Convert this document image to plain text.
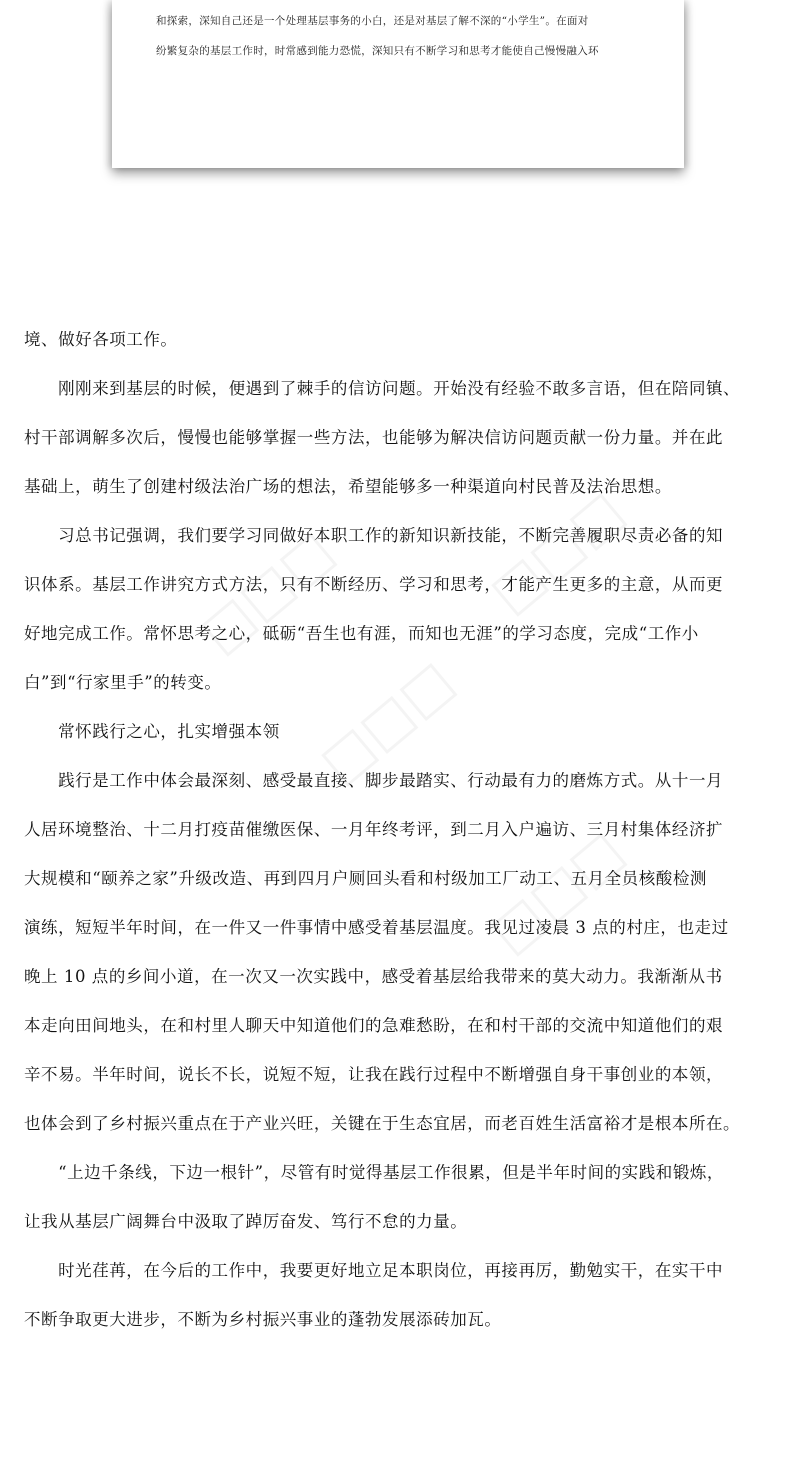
和探索，深知自己还是一个处理基层事务的小白，还是对基层了解不深的“小学生”。在面对
纷繁复杂的基层工作时，时常感到能力恐慌，深知只有不断学习和思考才能使自己慢慢融入环
境、做好各项工作。
　　刚刚来到基层的时候，便遇到了棘手的信访问题。开始没有经验不敢多言语，但在陪同镇、
村干部调解多次后，慢慢也能够掌握一些方法，也能够为解决信访问题贡献一份力量。并在此
基础上，萌生了创建村级法治广场的想法，希望能够多一种渠道向村民普及法治思想。
　　习总书记强调，我们要学习同做好本职工作的新知识新技能，不断完善履职尽责必备的知
识体系。基层工作讲究方式方法，只有不断经历、学习和思考，才能产生更多的主意，从而更
好地完成工作。常怀思考之心，砥砺“吾生也有涯，而知也无涯”的学习态度，完成“工作小
白”到“行家里手”的转变。
　　常怀践行之心，扎实增强本领
　　践行是工作中体会最深刻、感受最直接、脚步最踏实、行动最有力的磨炼方式。从十一月
人居环境整治、十二月打疫苗催缴医保、一月年终考评，到二月入户遍访、三月村集体经济扩
大规模和“颐养之家”升级改造、再到四月户厕回头看和村级加工厂动工、五月全员核酸检测
演练，短短半年时间，在一件又一件事情中感受着基层温度。我见过凌晨 3 点的村庄，也走过
晚上 10 点的乡间小道，在一次又一次实践中，感受着基层给我带来的莫大动力。我渐渐从书
本走向田间地头，在和村里人聊天中知道他们的急难愁盼，在和村干部的交流中知道他们的艰
辛不易。半年时间，说长不长，说短不短，让我在践行过程中不断增强自身干事创业的本领，
也体会到了乡村振兴重点在于产业兴旺，关键在于生态宜居，而老百姓生活富裕才是根本所在。
　　“上边千条线，下边一根针”，尽管有时觉得基层工作很累，但是半年时间的实践和锻炼，
让我从基层广阔舞台中汲取了踔厉奋发、笃行不怠的力量。
　　时光荏苒，在今后的工作中，我要更好地立足本职岗位，再接再厉，勤勉实干，在实干中
不断争取更大进步，不断为乡村振兴事业的蓬勃发展添砖加瓦。
